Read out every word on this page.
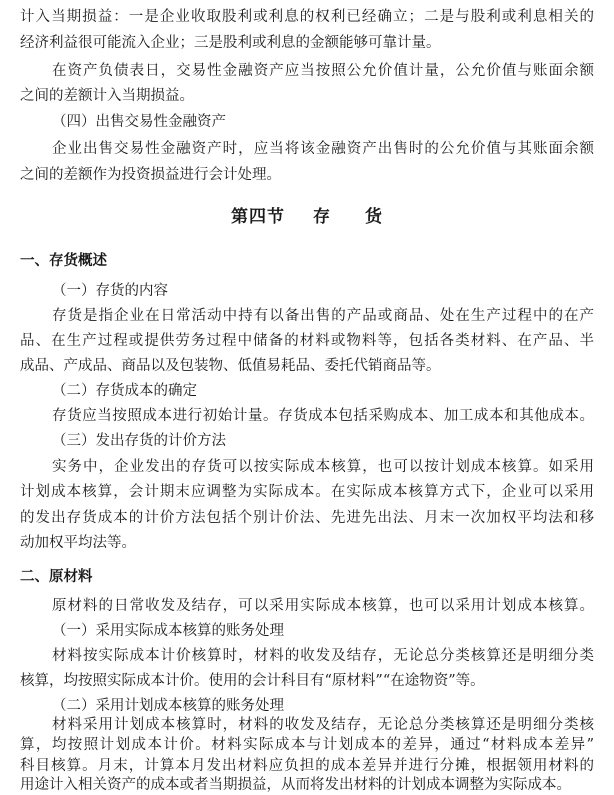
计入当期损益：一是企业收取股利或利息的权利已经确立；二是与股利或利息相关的
经济利益很可能流入企业；三是股利或利息的金额能够可靠计量。
在资产负债表日，交易性金融资产应当按照公允价值计量，公允价值与账面余额
之间的差额计入当期损益。
（四）出售交易性金融资产
企业出售交易性金融资产时，应当将该金融资产出售时的公允价值与其账面余额
之间的差额作为投资损益进行会计处理。
第四节 存 货
一、存货概述
（一）存货的内容
存货是指企业在日常活动中持有以备出售的产品或商品、处在生产过程中的在产
品、在生产过程或提供劳务过程中储备的材料或物料等，包括各类材料、在产品、半
成品、产成品、商品以及包装物、低值易耗品、委托代销商品等。
（二）存货成本的确定
存货应当按照成本进行初始计量。存货成本包括采购成本、加工成本和其他成本。
（三）发出存货的计价方法
实务中，企业发出的存货可以按实际成本核算，也可以按计划成本核算。如采用
计划成本核算，会计期末应调整为实际成本。在实际成本核算方式下，企业可以采用
的发出存货成本的计价方法包括个别计价法、先进先出法、月末一次加权平均法和移
动加权平均法等。
二、原材料
原材料的日常收发及结存，可以采用实际成本核算，也可以采用计划成本核算。
（一）采用实际成本核算的账务处理
材料按实际成本计价核算时，材料的收发及结存，无论总分类核算还是明细分类
核算，均按照实际成本计价。使用的会计科目有“原材料”“在途物资”等。
（二）采用计划成本核算的账务处理
材料采用计划成本核算时，材料的收发及结存，无论总分类核算还是明细分类核
算，均按照计划成本计价。材料实际成本与计划成本的差异，通过“材料成本差异”
科目核算。月末，计算本月发出材料应负担的成本差异并进行分摊，根据领用材料的
用途计入相关资产的成本或者当期损益，从而将发出材料的计划成本调整为实际成本。
